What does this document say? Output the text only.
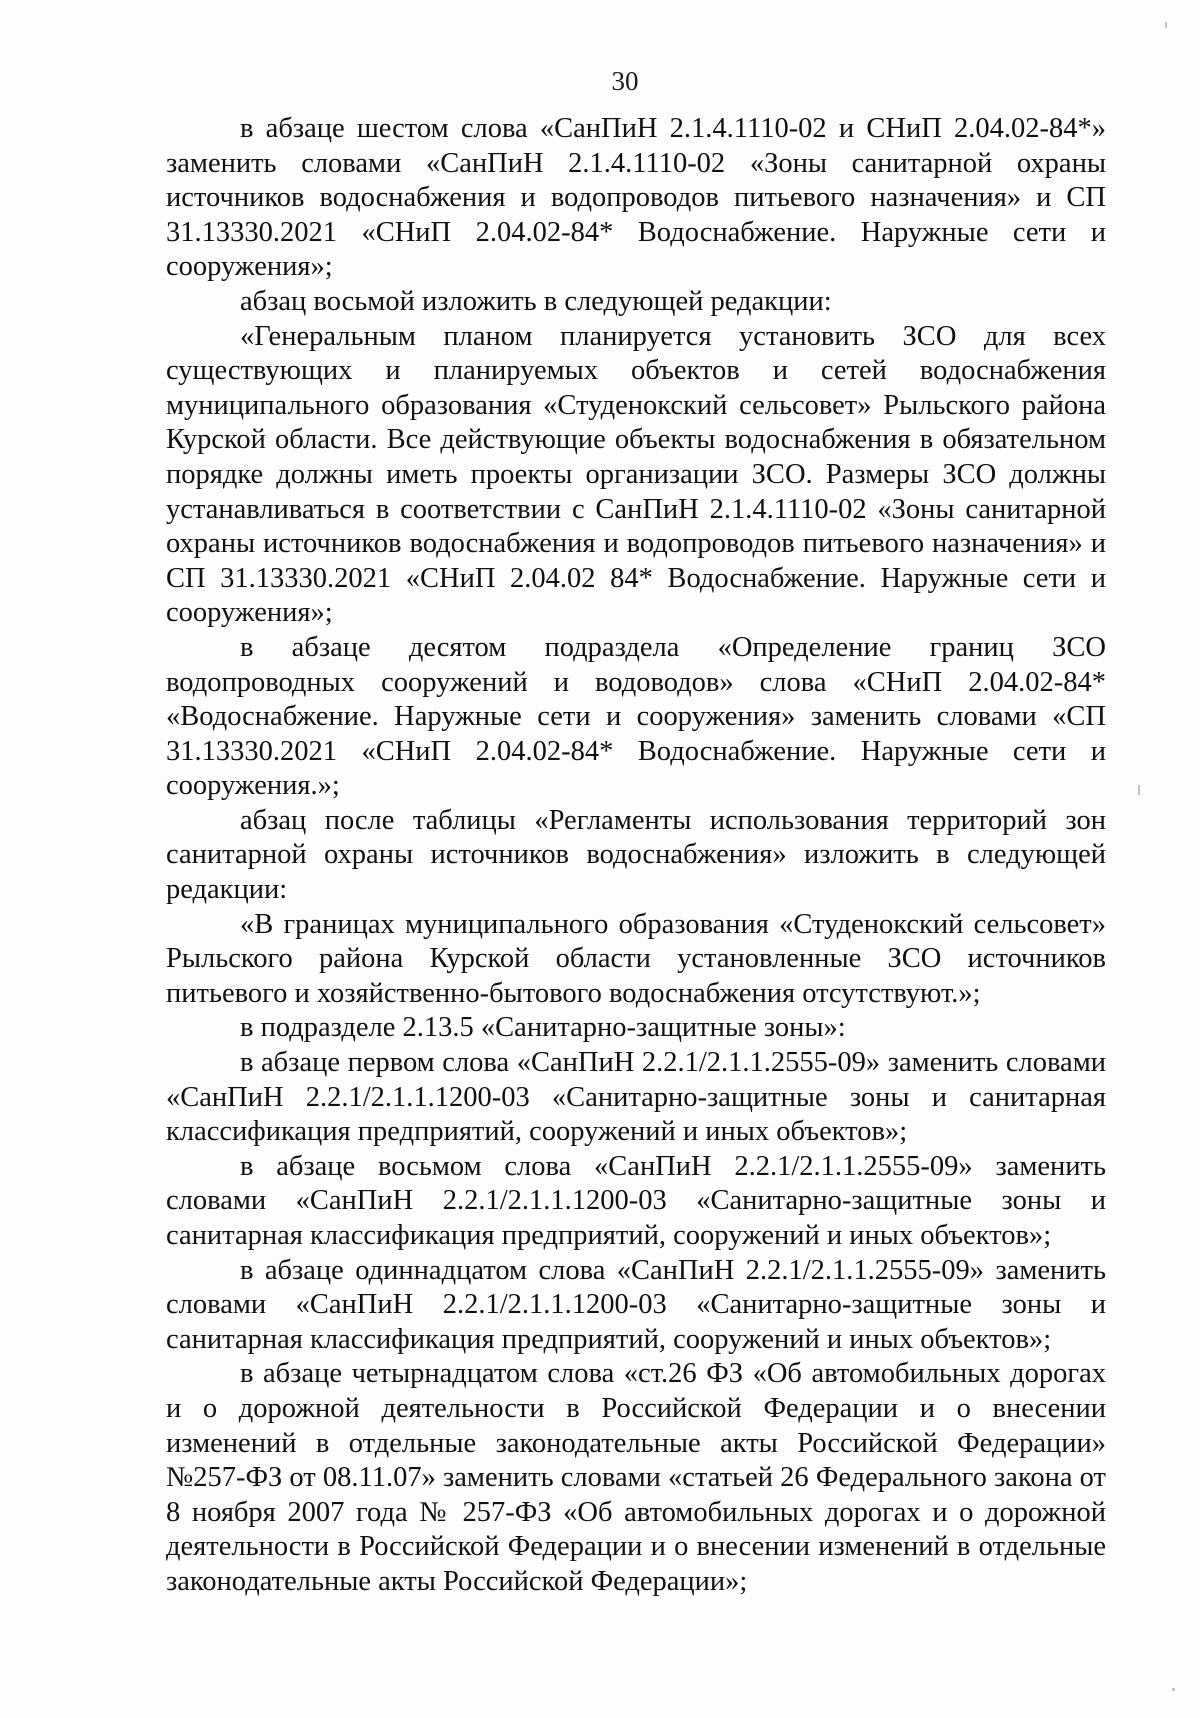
30

в абзаце шестом слова «СанПиН 2.1.4.1110-02 и СНиП 2.04.02-84*» заменить словами «СанПиН 2.1.4.1110-02 «Зоны санитарной охраны источников водоснабжения и водопроводов питьевого назначения» и СП 31.13330.2021 «СНиП 2.04.02-84* Водоснабжение. Наружные сети и сооружения»;

абзац восьмой изложить в следующей редакции:

«Генеральным планом планируется установить ЗСО для всех существующих и планируемых объектов и сетей водоснабжения муниципального образования «Студенокский сельсовет» Рыльского района Курской области. Все действующие объекты водоснабжения в обязательном порядке должны иметь проекты организации ЗСО. Размеры ЗСО должны устанавливаться в соответствии с СанПиН 2.1.4.1110-02 «Зоны санитарной охраны источников водоснабжения и водопроводов питьевого назначения» и СП 31.13330.2021 «СНиП 2.04.02 84* Водоснабжение. Наружные сети и сооружения»;

в абзаце десятом подраздела «Определение границ ЗСО водопроводных сооружений и водоводов» слова «СНиП 2.04.02-84* «Водоснабжение. Наружные сети и сооружения» заменить словами «СП 31.13330.2021 «СНиП 2.04.02-84* Водоснабжение. Наружные сети и сооружения.»;

абзац после таблицы «Регламенты использования территорий зон санитарной охраны источников водоснабжения» изложить в следующей редакции:

«В границах муниципального образования «Студенокский сельсовет» Рыльского района Курской области установленные ЗСО источников питьевого и хозяйственно-бытового водоснабжения отсутствуют.»;

в подразделе 2.13.5 «Санитарно-защитные зоны»:

в абзаце первом слова «СанПиН 2.2.1/2.1.1.2555-09» заменить словами «СанПиН 2.2.1/2.1.1.1200-03 «Санитарно-защитные зоны и санитарная классификация предприятий, сооружений и иных объектов»;

в абзаце восьмом слова «СанПиН 2.2.1/2.1.1.2555-09» заменить словами «СанПиН 2.2.1/2.1.1.1200-03 «Санитарно-защитные зоны и санитарная классификация предприятий, сооружений и иных объектов»;

в абзаце одиннадцатом слова «СанПиН 2.2.1/2.1.1.2555-09» заменить словами «СанПиН 2.2.1/2.1.1.1200-03 «Санитарно-защитные зоны и санитарная классификация предприятий, сооружений и иных объектов»;

в абзаце четырнадцатом слова «ст.26 ФЗ «Об автомобильных дорогах и о дорожной деятельности в Российской Федерации и о внесении изменений в отдельные законодательные акты Российской Федерации» №257-ФЗ от 08.11.07» заменить словами «статьей 26 Федерального закона от 8 ноября 2007 года № 257-ФЗ «Об автомобильных дорогах и о дорожной деятельности в Российской Федерации и о внесении изменений в отдельные законодательные акты Российской Федерации»;
